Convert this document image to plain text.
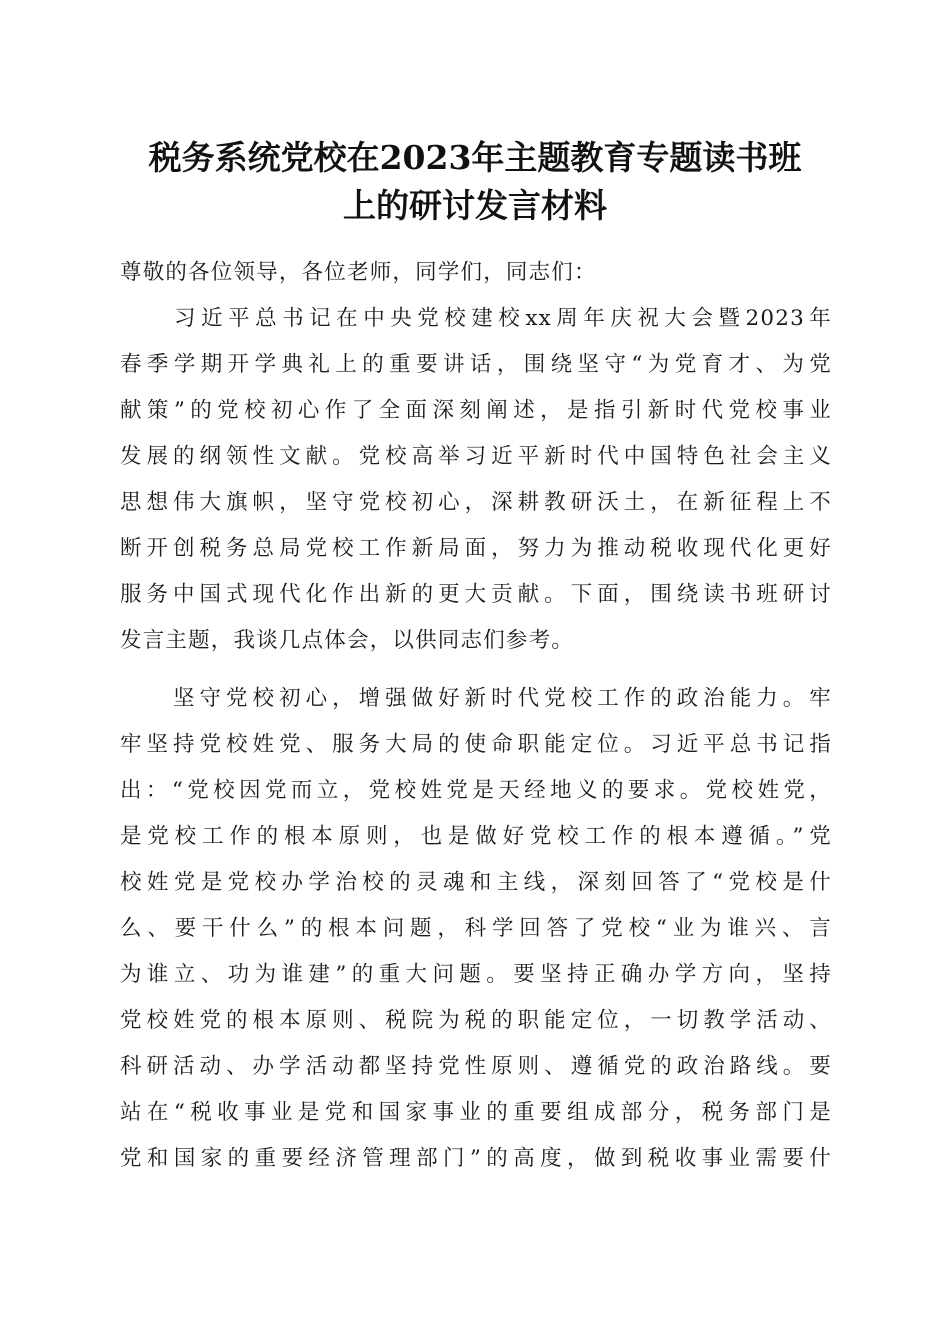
税务系统党校在2023年主题教育专题读书班
上的研讨发言材料
尊敬的各位领导，各位老师，同学们，同志们：
　　习近平总书记在中央党校建校xx周年庆祝大会暨2023年
春季学期开学典礼上的重要讲话，围绕坚守“为党育才、为党
献策”的党校初心作了全面深刻阐述，是指引新时代党校事业
发展的纲领性文献。党校高举习近平新时代中国特色社会主义
思想伟大旗帜，坚守党校初心，深耕教研沃土，在新征程上不
断开创税务总局党校工作新局面，努力为推动税收现代化更好
服务中国式现代化作出新的更大贡献。下面，围绕读书班研讨
发言主题，我谈几点体会，以供同志们参考。
　　坚守党校初心，增强做好新时代党校工作的政治能力。牢
牢坚持党校姓党、服务大局的使命职能定位。习近平总书记指
出：“党校因党而立，党校姓党是天经地义的要求。党校姓党，
是党校工作的根本原则，也是做好党校工作的根本遵循。”党
校姓党是党校办学治校的灵魂和主线，深刻回答了“党校是什
么、要干什么”的根本问题，科学回答了党校“业为谁兴、言
为谁立、功为谁建”的重大问题。要坚持正确办学方向，坚持
党校姓党的根本原则、税院为税的职能定位，一切教学活动、
科研活动、办学活动都坚持党性原则、遵循党的政治路线。要
站在“税收事业是党和国家事业的重要组成部分，税务部门是
党和国家的重要经济管理部门”的高度，做到税收事业需要什
